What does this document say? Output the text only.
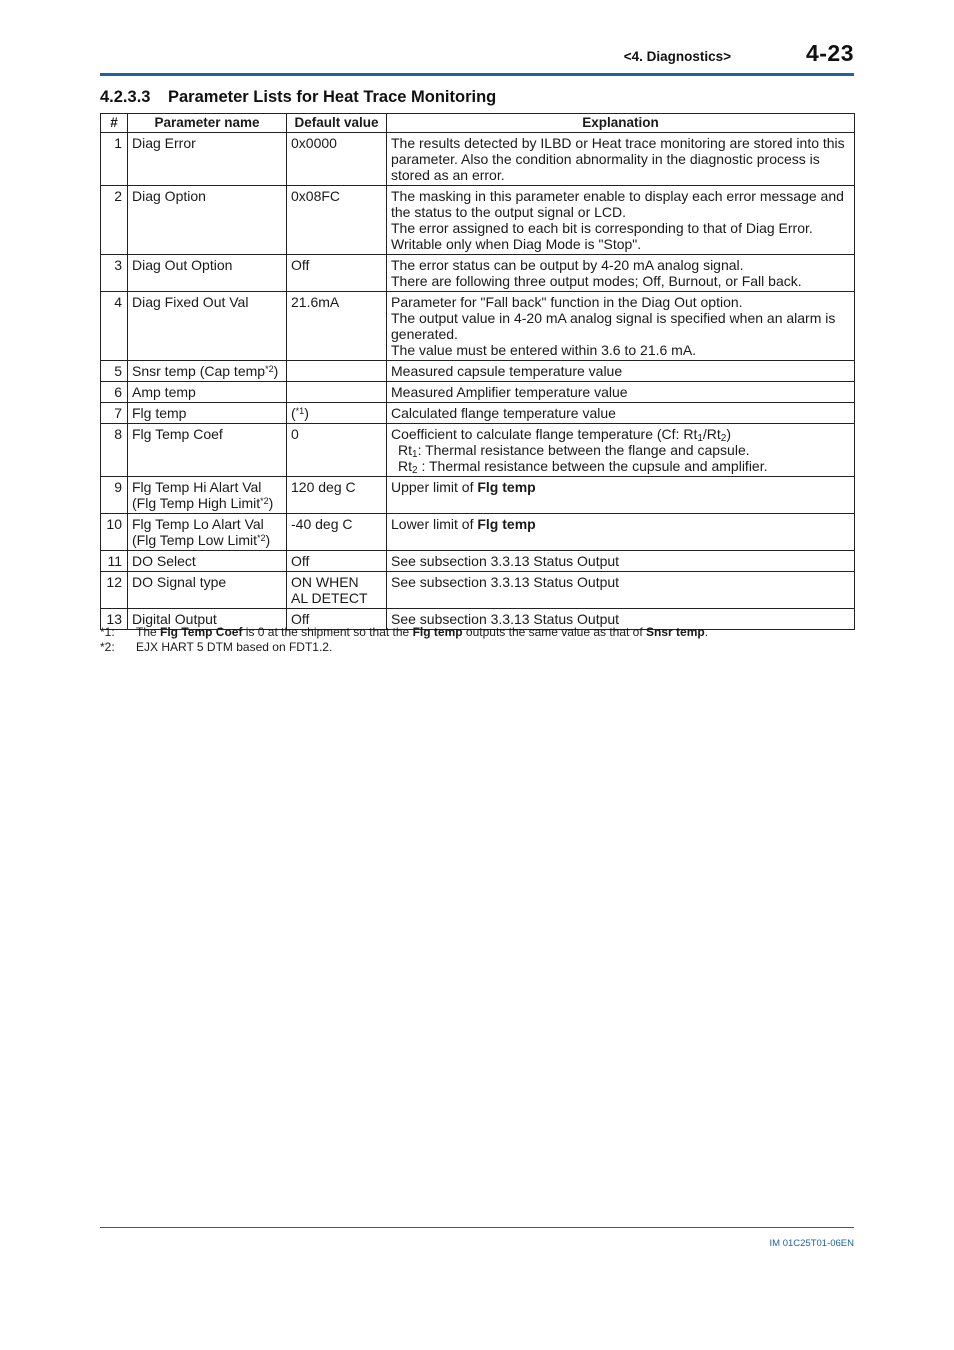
<4. Diagnostics>	4-23
4.2.3.3 Parameter Lists for Heat Trace Monitoring
#	Parameter name	Default value	Explanation
1	Diag Error	0x0000	The results detected by ILBD or Heat trace monitoring are stored into this parameter. Also the condition abnormality in the diagnostic process is stored as an error.

2	Diag Option	0x08FC	The masking in this parameter enable to display each error message and the status to the output signal or LCD.
The error assigned to each bit is corresponding to that of Diag Error.
Writable only when Diag Mode is "Stop".

3	Diag Out Option	Off	The error status can be output by 4-20 mA analog signal.
There are following three output modes; Off, Burnout, or Fall back.

4	Diag Fixed Out Val	21.6mA	Parameter for "Fall back" function in the Diag Out option.
The output value in 4-20 mA analog signal is specified when an alarm is generated.
The value must be entered within 3.6 to 21.6 mA.

5	Snsr temp (Cap temp$^{*2}$)		Measured capsule temperature value

6	Amp temp		Measured Amplifier temperature value

7	Flg temp	($^{*1}$)	Calculated flange temperature value

8	Flg Temp Coef	0	Coefficient to calculate flange temperature (Cf: $Rt_1/Rt_2$)
$Rt_1$: Thermal resistance between the flange and capsule.
$Rt_2$ : Thermal resistance between the cupsule and amplifier.

9	Flg Temp Hi Alart Val
(Flg Temp High Limit$^{*2}$)	120 deg C	Upper limit of Flg temp
10	Flg Temp Lo Alart Val
(Flg Temp Low Limit$^{*2}$)	-40 deg C	Lower limit of Flg temp
11	DO Select	Off	See subsection 3.3.13 Status Output

12	DO Signal type	ON WHEN
AL DETECT	See subsection 3.3.13 Status Output

13	Digital Output	Off	See subsection 3.3.13 Status Output
*1:	The Flg Temp Coef is 0 at the shipment so that the Flg temp outputs the same value as that of Snsr temp.
*2:	EJX HART 5 DTM based on FDT1.2.
IM 01C25T01-06EN
